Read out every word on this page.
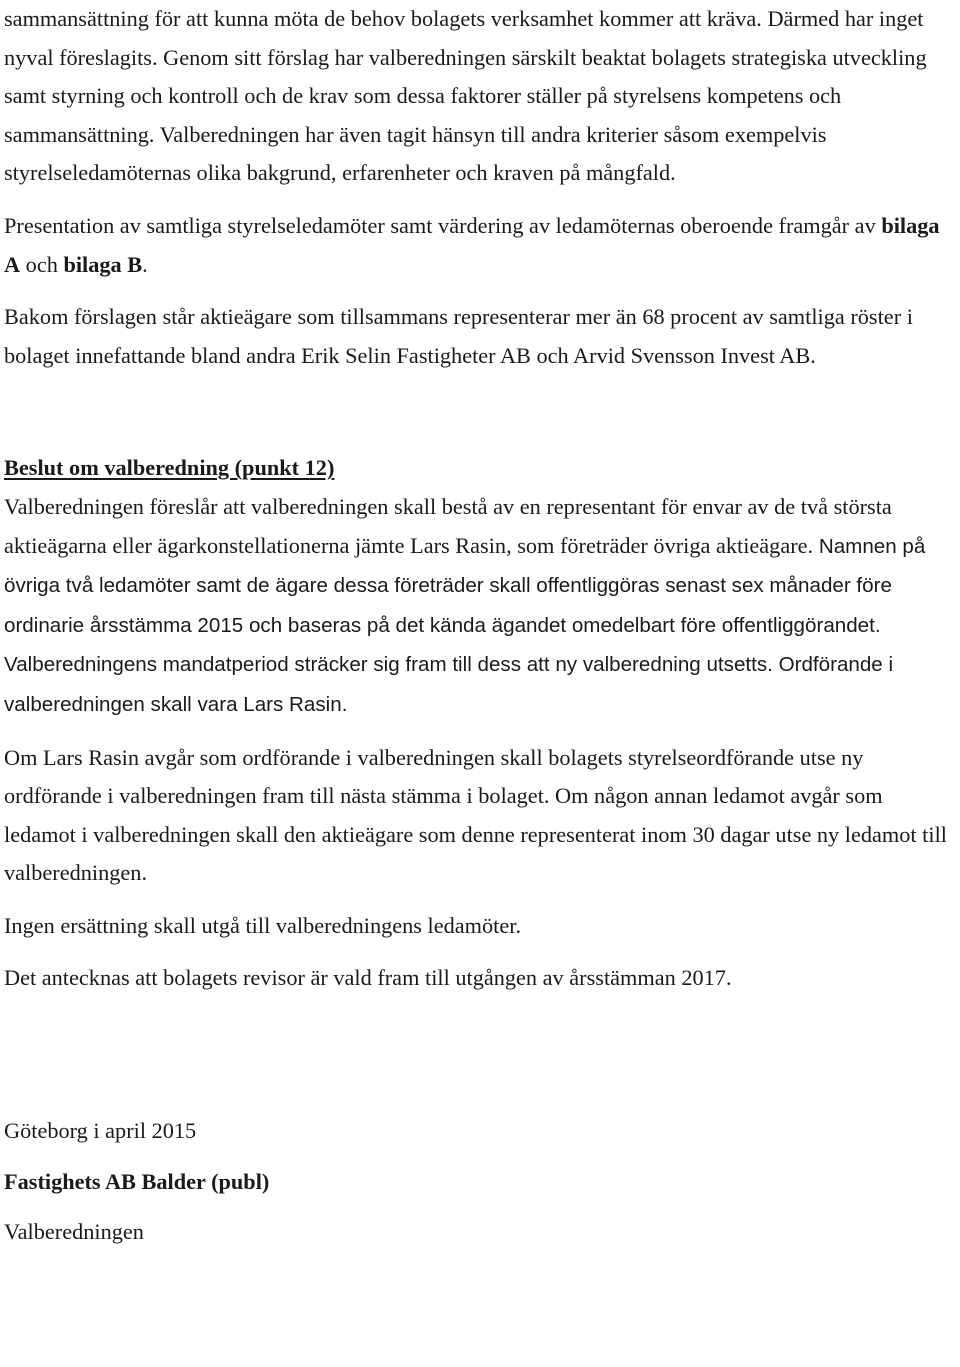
sammansättning för att kunna möta de behov bolagets verksamhet kommer att kräva. Därmed har inget nyval föreslagits. Genom sitt förslag har valberedningen särskilt beaktat bolagets strategiska utveckling samt styrning och kontroll och de krav som dessa faktorer ställer på styrelsens kompetens och sammansättning. Valberedningen har även tagit hänsyn till andra kriterier såsom exempelvis styrelseledamöternas olika bakgrund, erfarenheter och kraven på mångfald.

Presentation av samtliga styrelseledamöter samt värdering av ledamöternas oberoende framgår av bilaga A och bilaga B.

Bakom förslagen står aktieägare som tillsammans representerar mer än 68 procent av samtliga röster i bolaget innefattande bland andra Erik Selin Fastigheter AB och Arvid Svensson Invest AB.

Beslut om valberedning (punkt 12)

Valberedningen föreslår att valberedningen skall bestå av en representant för envar av de två största aktieägarna eller ägarkonstellationerna jämte Lars Rasin, som företräder övriga aktieägare. Namnen på övriga två ledamöter samt de ägare dessa företräder skall offentliggöras senast sex månader före ordinarie årsstämma 2015 och baseras på det kända ägandet omedelbart före offentliggörandet. Valberedningens mandatperiod sträcker sig fram till dess att ny valberedning utsetts. Ordförande i valberedningen skall vara Lars Rasin.

Om Lars Rasin avgår som ordförande i valberedningen skall bolagets styrelseordförande utse ny ordförande i valberedningen fram till nästa stämma i bolaget. Om någon annan ledamot avgår som ledamot i valberedningen skall den aktieägare som denne representerat inom 30 dagar utse ny ledamot till valberedningen.

Ingen ersättning skall utgå till valberedningens ledamöter.

Det antecknas att bolagets revisor är vald fram till utgången av årsstämman 2017.

Göteborg i april 2015

Fastighets AB Balder (publ)

Valberedningen
